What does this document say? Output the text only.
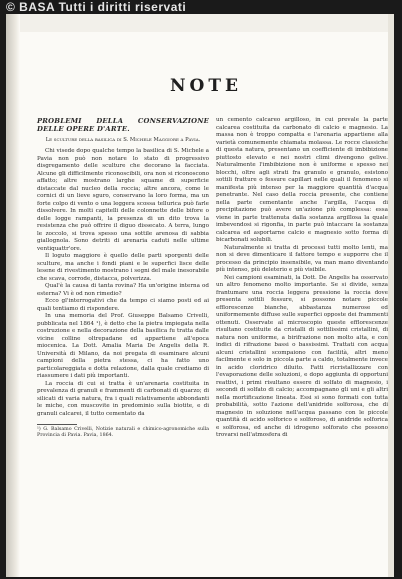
© BASA Tutti i diritti riservati
NOTE

PROBLEMI DELLA CONSERVAZIONE DELLE OPERE D'ARTE.

Le sculture della basilica di S. Michele Maggiore a Pavia.

Chi visede dopo qualche tempo la basilica di S. Michele a Pavia non può non notare lo stato di progressivo disgregamento delle sculture che decorano la facciata. Alcune gli difficilmente riconoscibili, ora non si riconoscono affatto; altre mostrano larghe squame di superficie distaccate dal nucleo della roccia; altre ancora, come le cornici di un lieve sguro, conservano la loro forma, ma un forte colpo di vento o una leggera scossa tellurica può farle dissolvere. In molti capitelli delle colonnette delle bifore o delle logge rampanti, la presenza di un dito trova la resistenza che può offrire il diguo dissecato. A terra, lungo le zoccolo, si trova spesso una sottile arenosa di sabbia giallognola. Sono detriti di arenaria caduti nelle ultime ventiquattr'ore.

Il loguto maggiore è quello delle parti sporgenti delle sculture, ma anche i fondi piani e le superfici lisce delle lesene di rivestimento mostrano i segni del male inesorabile che scava, corrode, distacca, polverizza.

Qual'è la causa di tanta rovina? Ha un'origine interna od esterna? Vi è od non rimedio?

Ecco gl'interrogativi che da tempo ci siamo posti ed ai quali tentiamo di rispondere.

In una memoria del Prof. Giuseppe Balsamo Crivelli, pubblicata nel 1864 ¹), è detto che la pietra impiegata nella costruzione e nella decorazione della basilica fu tratta dalle vicine colline oltrepadane ed appartiene all'epoca miocenica. La Dott. Amalia Maria De Angelis della R. Università di Milano, da noi pregata di esaminare alcuni campioni della pietra stessa, ci ha fatto uno particolareggiata e dotta relazione, dalla quale crediamo di riassumere i dati più importanti.

La roccia di cui si tratta è un'arenaria costituita in prevalenza di granuli e frammenti di carbonati di quarzo; di silicati di varia natura, fra i quali relativamente abbondanti le miche, con muscovite in predominio sulla biotite, e di granuli calcarei, il tutto cementato da

¹) G. Balsamo Crivelli, Notizie naturali e chimico-agronomiche sulla Provincia di Pavia. Pavia, 1864.

un cemento calcareo argilloso, in cui prevale la parte calcarea costituita da carbonato di calcio e magnesio. La massa non è troppo compatta e l'arenaria appartiene alla varietà comunemente chiamata molassa. Le rocce classiche di questa natura, presentano un coefficiente di imbibizione piuttosto elevato e nei nostri climi divengono gelive. Naturalmente l'imbibizione non è uniforme e spesso nei blocchi, oltre agli strati fra granulo e granulo, esistono sottili fratture o fessure capillari nelle quali il fenomeno si manifesta più intenso per la maggiore quantità d'acqua penetrante. Nel caso della roccia presente, che contiene nella parte cementante anche l'argilla, l'acqua di precipitazione può avere un'azione più complessa: essa viene in parte trattenuta dalla sostanza argillosa la quale imbevendosi si rigonfia, in parte può intaccare la sostanza calcarea ed asportarne calcio e magnesio sotto forma di bicarbonati solubili.

Naturalmente si tratta di processi tutti molto lenti, ma non si deve dimenticare il fattore tempo e supporre che il processo da principio insensibile, va man mano diventando più intenso, più deleterio e più visibile.

Nei campioni esaminati, la Dott. De Angelis ha osservato un altro fenomeno molto importante. Se si divide, senza frantumare una roccia leggera pressione la roccia dove presenta sottili fessure, si possono notare piccole efflorescenze bianche, abbastanza numerose ed uniformemente diffuse sulle superfici opposte dei frammenti ottenuti. Osservate al microscopio queste efflorescenze risultano costituite da cristalli di sottilissimi cristallini, di natura non uniforme, a birifrazione non molto alta, e con indici di rifrazione bassi o bassissimi. Trattati con acqua alcuni cristallini scompaiono con facilità, altri meno facilmente e solo in piccola parte a caldo, totalmente invece in acido cloridrico diluito. Fatti ricristallizzare con l'evaporazione delle soluzioni, e dopo aggiunta di opportuni reattivi, i primi risultano essere di solfato di magnesio, i secondi di solfato di calcio; accompagnano gli uni e gli altri nella mortificazione lineata. Essi si sono formati con tutta probabilità, sotto l'azione dell'anidride solforosa, che di magnesio in soluzione nell'acqua passano con le piccole quantità di acido solforico e solforoso, di anidride solforica e solforosa, ed anche di idrogeno solforato che possono trovarsi nell'atmosfera di
